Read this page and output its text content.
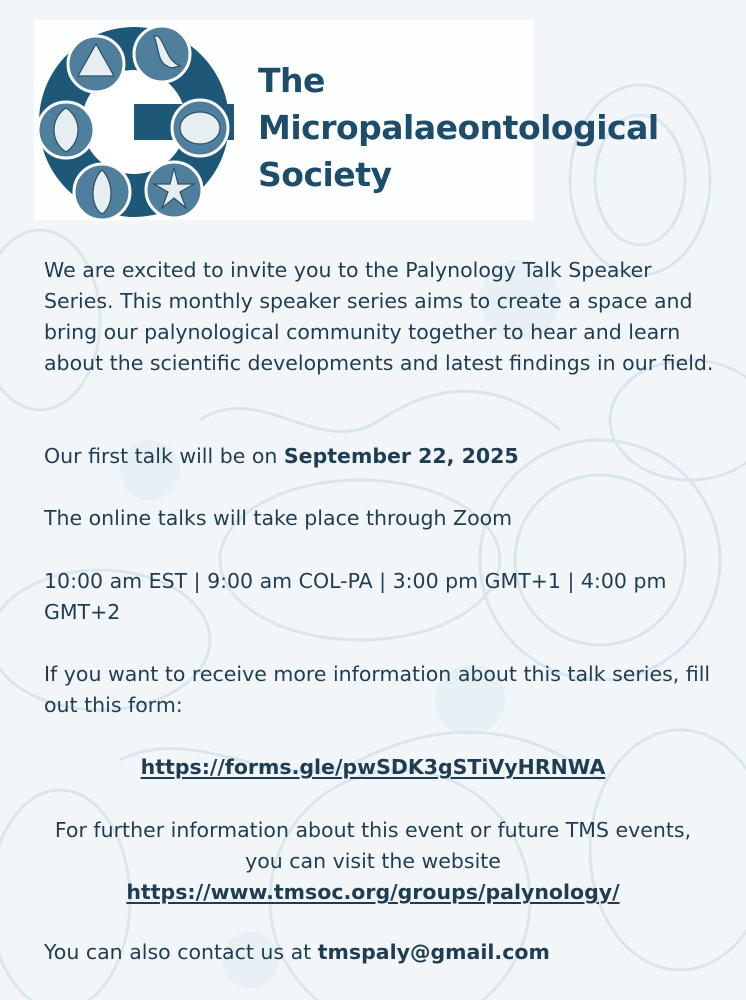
The
Micropalaeontological
Society

We are excited to invite you to the Palynology Talk Speaker Series. This monthly speaker series aims to create a space and bring our palynological community together to hear and learn about the scientific developments and latest findings in our field.

Our first talk will be on September 22, 2025

The online talks will take place through Zoom

10:00 am EST | 9:00 am COL-PA | 3:00 pm GMT+1 | 4:00 pm GMT+2

If you want to receive more information about this talk series, fill out this form:

https://forms.gle/pwSDK3gSTiVyHRNWA

For further information about this event or future TMS events, you can visit the website
https://www.tmsoc.org/groups/palynology/

You can also contact us at tmspaly@gmail.com
